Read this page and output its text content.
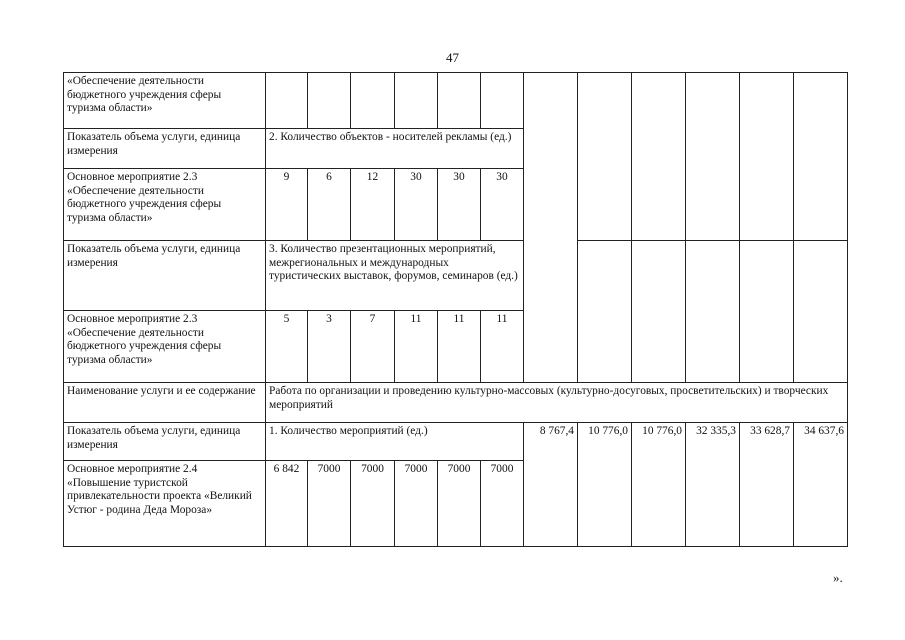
47
«Обеспечение деятельности бюджетного учреждения сферы туризма области»												
Показатель объема услуги, единица измерения	2. Количество объектов - носителей рекламы (ед.)											
Основное мероприятие 2.3 «Обеспечение деятельности бюджетного учреждения сферы туризма области»	9	6	12	30	30	30						
Показатель объема услуги, единица измерения	3. Количество презентационных мероприятий, межрегиональных и международных туристических выставок, форумов, семинаров (ед.)											
Основное мероприятие 2.3 «Обеспечение деятельности бюджетного учреждения сферы туризма области»	5	3	7	11	11	11						
Наименование услуги и ее содержание	Работа по организации и проведению культурно-массовых (культурно-досуговых, просветительских) и творческих мероприятий											
Показатель объема услуги, единица измерения	1. Количество мероприятий (ед.)						8 767,4	10 776,0	10 776,0	32 335,3	33 628,7	34 637,6
Основное мероприятие 2.4 «Повышение туристской привлекательности проекта «Великий Устюг - родина Деда Мороза»	6 842	7000	7000	7000	7000	7000						
».
